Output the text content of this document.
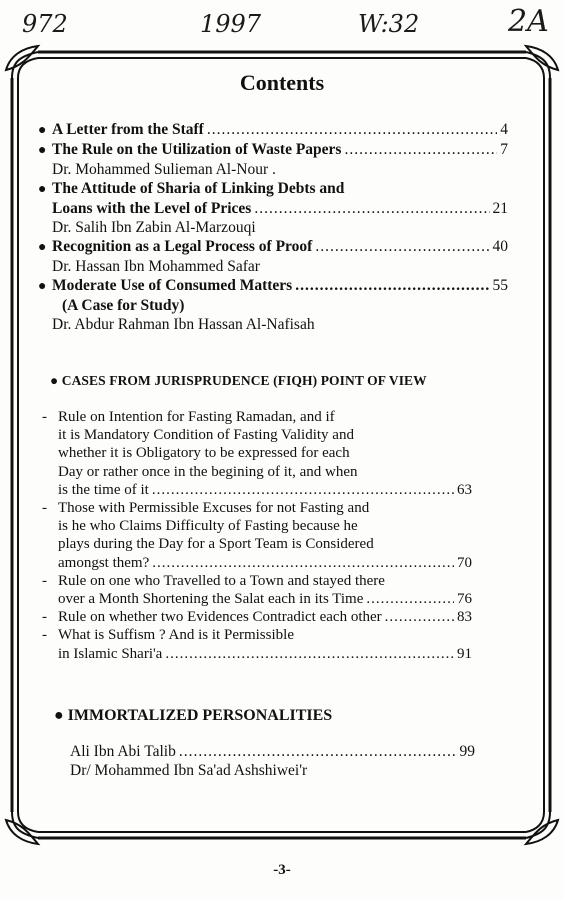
972	1997	W:32	2A
Contents
● A Letter from the Staff .....	4
● The Rule on the Utilization of Waste Papers .....	7
Dr. Mohammed Sulieman Al-Nour .
● The Attitude of Sharia of Linking Debts and
Loans with the Level of Prices .....	21
Dr. Salih Ibn Zabin Al-Marzouqi
● Recognition as a Legal Process of Proof .....	40
Dr. Hassan Ibn Mohammed Safar
● Moderate Use of Consumed Matters .....	55
(A Case for Study)
Dr. Abdur Rahman Ibn Hassan Al-Nafisah
● CASES FROM JURISPRUDENCE (FIQH) POINT OF VIEW
- Rule on Intention for Fasting Ramadan, and if
it is Mandatory Condition of Fasting Validity and
whether it is Obligatory to be expressed for each
Day or rather once in the begining of it, and when
is the time of it .....	63
- Those with Permissible Excuses for not Fasting and
is he who Claims Difficulty of Fasting because he
plays during the Day for a Sport Team is Considered
amongst them? .....	70
- Rule on one who Travelled to a Town and stayed there
over a Month Shortening the Salat each in its Time .....	76
- Rule on whether two Evidences Contradict each other .....	83
- What is Suffism ? And is it Permissible
in Islamic Shari'a .....	91
● IMMORTALIZED PERSONALITIES
Ali Ibn Abi Talib .....	99
Dr/ Mohammed Ibn Sa'ad Ashshiwei'r
-3-
